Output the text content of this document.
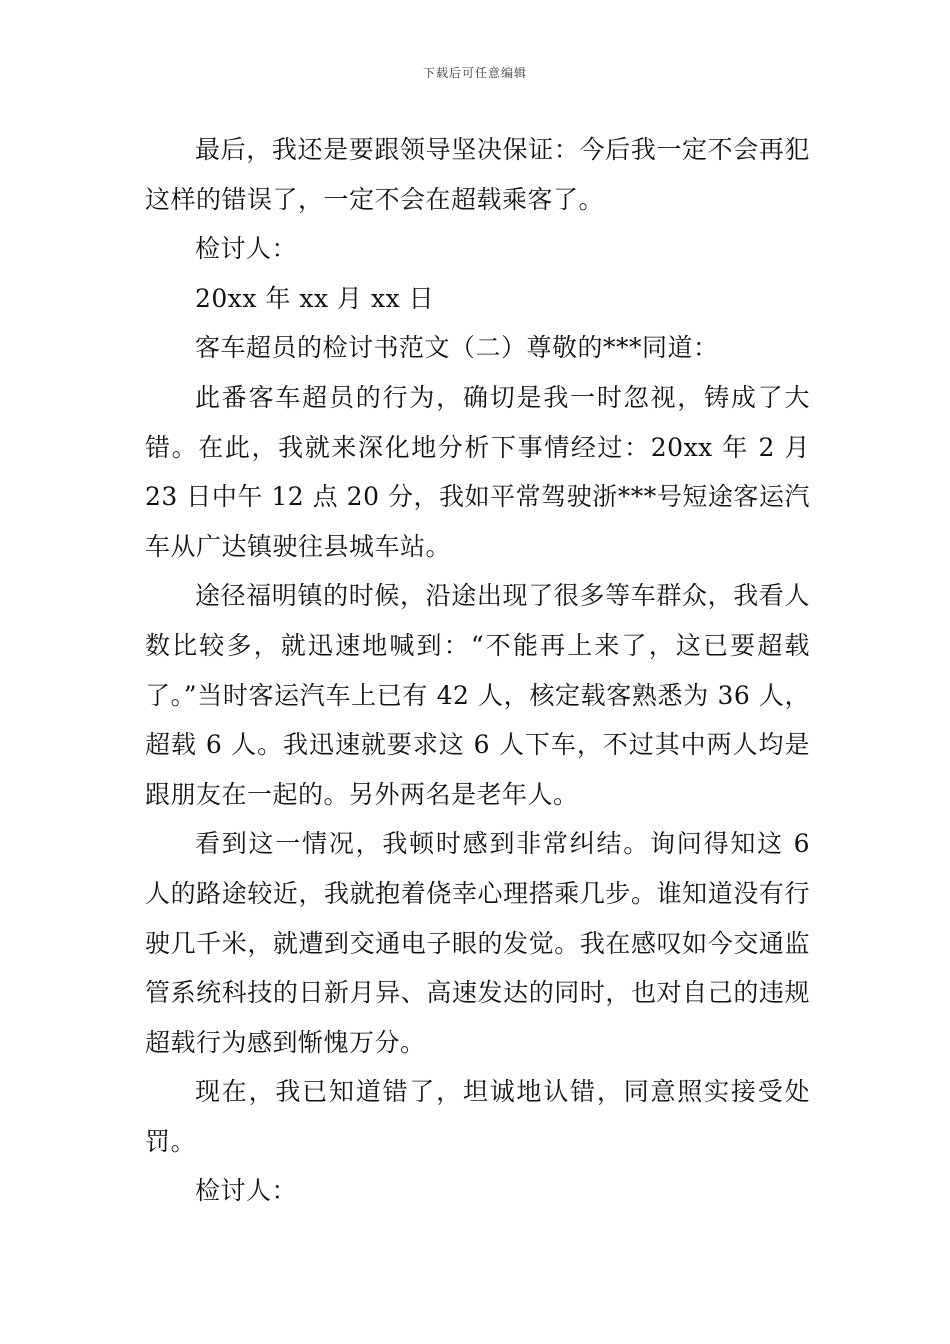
下载后可任意编辑

最后，我还是要跟领导坚决保证：今后我一定不会再犯这样的错误了，一定不会在超载乘客了。

检讨人：

20xx 年 xx 月 xx 日

客车超员的检讨书范文（二）尊敬的***同道：

此番客车超员的行为，确切是我一时忽视，铸成了大错。在此，我就来深化地分析下事情经过：20xx 年 2 月 23 日中午 12 点 20 分，我如平常驾驶浙***号短途客运汽车从广达镇驶往县城车站。

途径福明镇的时候，沿途出现了很多等车群众，我看人数比较多，就迅速地喊到：“不能再上来了，这已要超载了。”当时客运汽车上已有 42 人，核定载客熟悉为 36 人，超载 6 人。我迅速就要求这 6 人下车，不过其中两人均是跟朋友在一起的。另外两名是老年人。

看到这一情况，我顿时感到非常纠结。询问得知这 6 人的路途较近，我就抱着侥幸心理搭乘几步。谁知道没有行驶几千米，就遭到交通电子眼的发觉。我在感叹如今交通监管系统科技的日新月异、高速发达的同时，也对自己的违规超载行为感到惭愧万分。

现在，我已知道错了，坦诚地认错，同意照实接受处罚。

检讨人：
